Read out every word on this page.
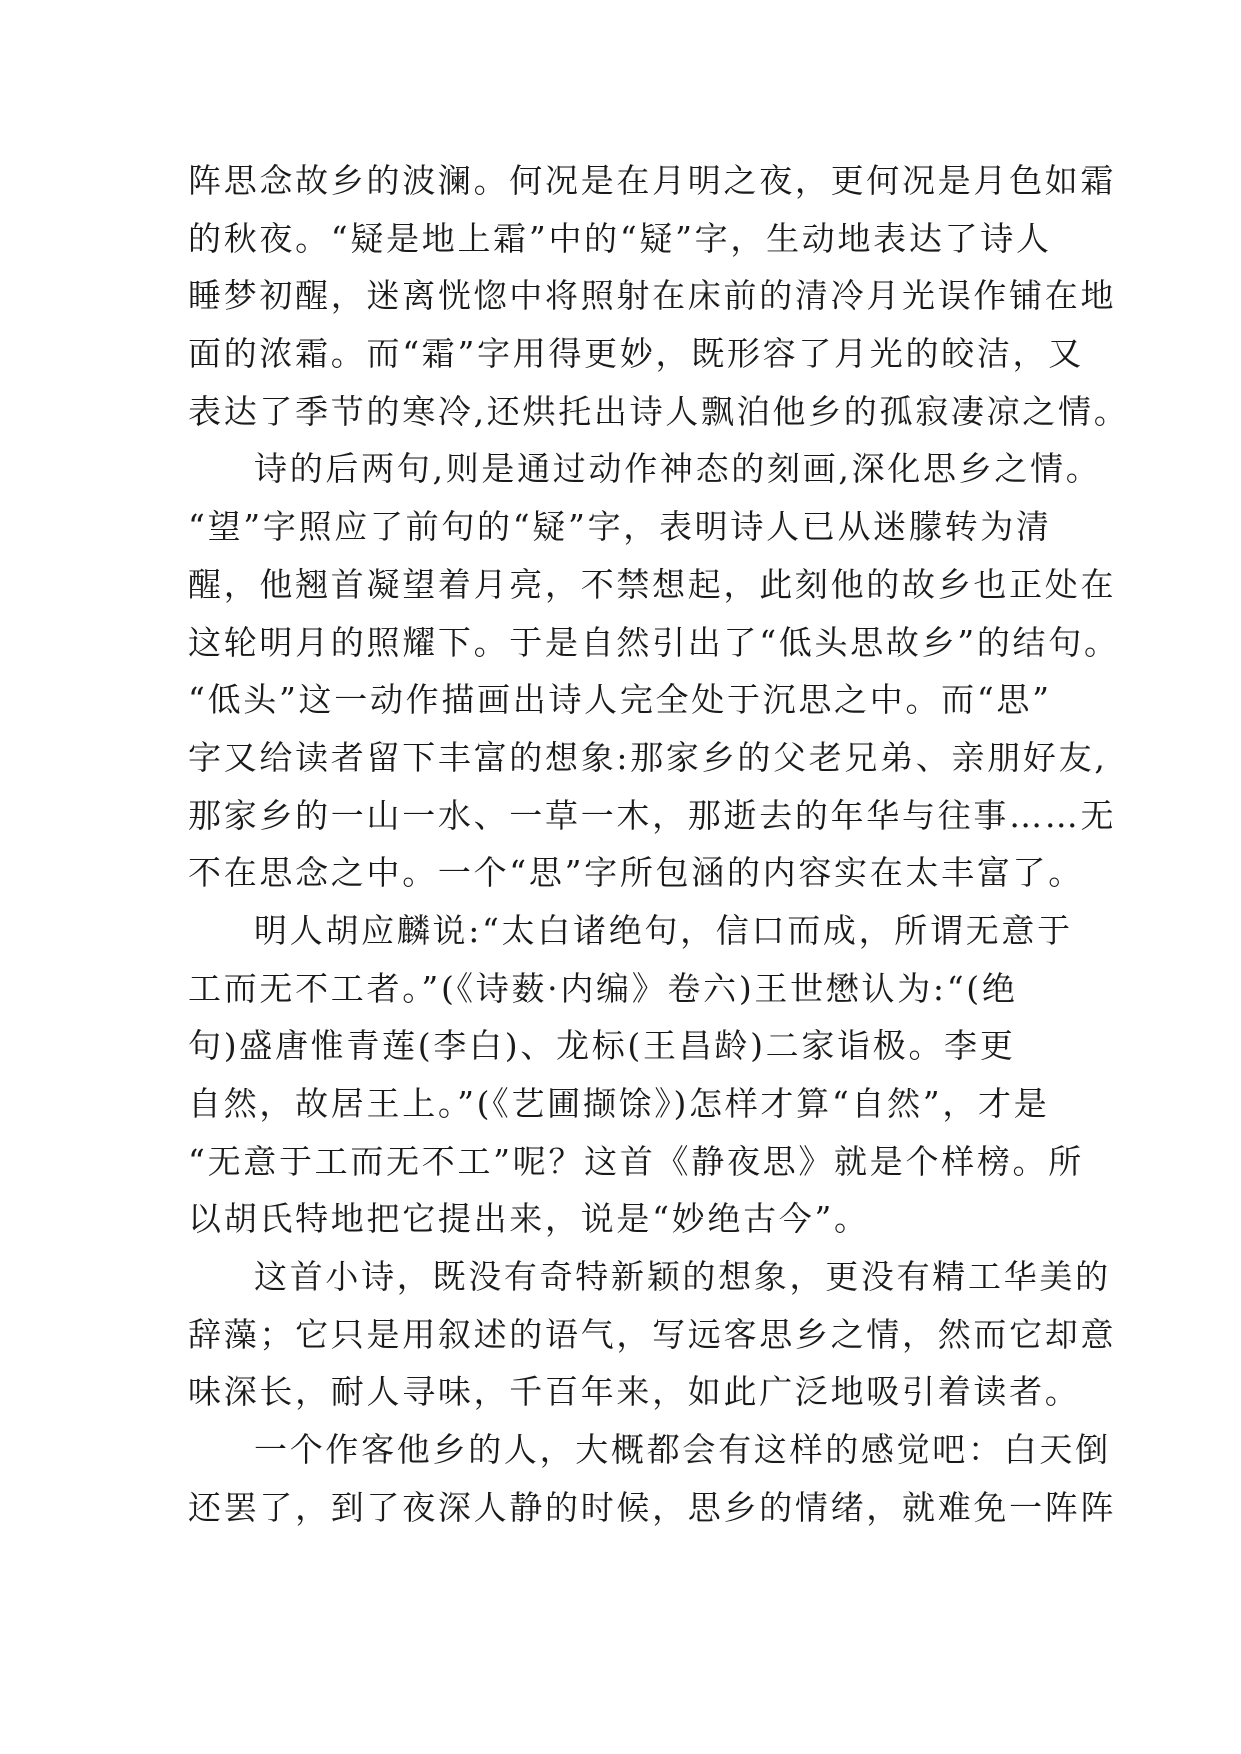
阵思念故乡的波澜。何况是在月明之夜，更何况是月色如霜
的秋夜。“疑是地上霜”中的“疑”字，生动地表达了诗人
睡梦初醒，迷离恍惚中将照射在床前的清冷月光误作铺在地
面的浓霜。而“霜”字用得更妙，既形容了月光的皎洁，又
表达了季节的寒冷,还烘托出诗人飘泊他乡的孤寂凄凉之情。
诗的后两句,则是通过动作神态的刻画,深化思乡之情。
“望”字照应了前句的“疑”字，表明诗人已从迷朦转为清
醒，他翘首凝望着月亮，不禁想起，此刻他的故乡也正处在
这轮明月的照耀下。于是自然引出了“低头思故乡”的结句。
“低头”这一动作描画出诗人完全处于沉思之中。而“思”
字又给读者留下丰富的想象:那家乡的父老兄弟、亲朋好友,
那家乡的一山一水、一草一木，那逝去的年华与往事……无
不在思念之中。一个“思”字所包涵的内容实在太丰富了。
明人胡应麟说:“太白诸绝句，信口而成，所谓无意于
工而无不工者。”(《诗薮·内编》卷六)王世懋认为:“(绝
句)盛唐惟青莲(李白)、龙标(王昌龄)二家诣极。李更
自然，故居王上。”(《艺圃撷馀》)怎样才算“自然”，才是
“无意于工而无不工”呢？这首《静夜思》就是个样榜。所
以胡氏特地把它提出来，说是“妙绝古今”。
这首小诗，既没有奇特新颖的想象，更没有精工华美的
辞藻；它只是用叙述的语气，写远客思乡之情，然而它却意
味深长，耐人寻味，千百年来，如此广泛地吸引着读者。
一个作客他乡的人，大概都会有这样的感觉吧：白天倒
还罢了，到了夜深人静的时候，思乡的情绪，就难免一阵阵
